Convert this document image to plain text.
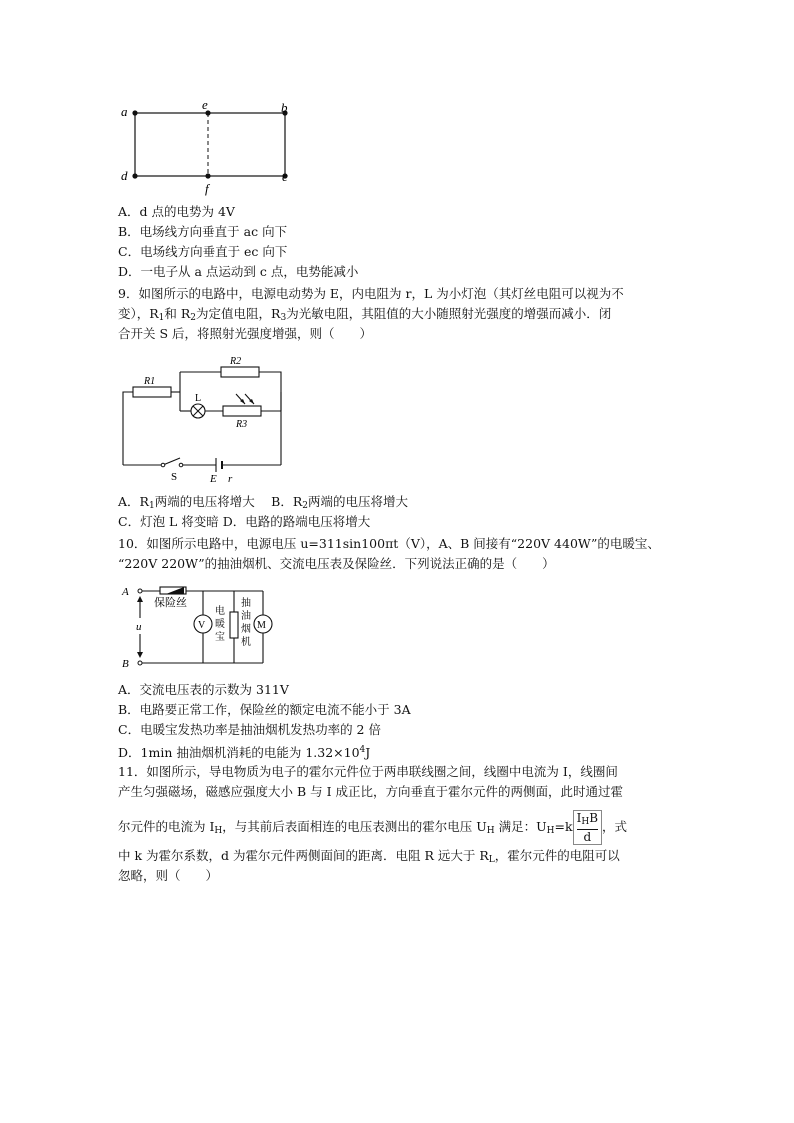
a	e	b
d
f
c
A．d 点的电势为 4V
B．电场线方向垂直于 ac 向下
C．电场线方向垂直于 ec 向下
D．一电子从 a 点运动到 c 点，电势能减小
9．如图所示的电路中，电源电动势为 E，内电阻为 r，L 为小灯泡（其灯丝电阻可以视为不
变），$R_1$和 $R_2$为定值电阻，$R_3$为光敏电阻，其阻值的大小随照射光强度的增强而减小．闭
合开关 S 后，将照射光强度增强，则（　　）
R1
R2
R3
L
S	E r
A．$R_1$两端的电压将增大　 B．$R_2$两端的电压将增大
C．灯泡 L 将变暗 D．电路的路端电压将增大
10．如图所示电路中，电源电压 u=311sin100πt（V），A、B 间接有“220V 440W”的电暖宝、
“220V 220W”的抽油烟机、交流电压表及保险丝．下列说法正确的是（　　）
A
B
u
保险丝
V	M
电
暖
宝
抽
油
烟
机
A．交流电压表的示数为 311V
B．电路要正常工作，保险丝的额定电流不能小于 3A
C．电暖宝发热功率是抽油烟机发热功率的 2 倍
D．1min 抽油烟机消耗的电能为 $1.32\times 10^4J$
11．如图所示，导电物质为电子的霍尔元件位于两串联线圈之间，线圈中电流为 I，线圈间
产生匀强磁场，磁感应强度大小 B 与 I 成正比，方向垂直于霍尔元件的两侧面，此时通过霍
尔元件的电流为 $I_H$，与其前后表面相连的电压表测出的霍尔电压 $U_H$ 满足：$U_H=k \frac{I_HB}{d}$ ，式
中 k 为霍尔系数，d 为霍尔元件两侧面间的距离．电阻 R 远大于 $R_L$，霍尔元件的电阻可以
忽略，则（　　）
